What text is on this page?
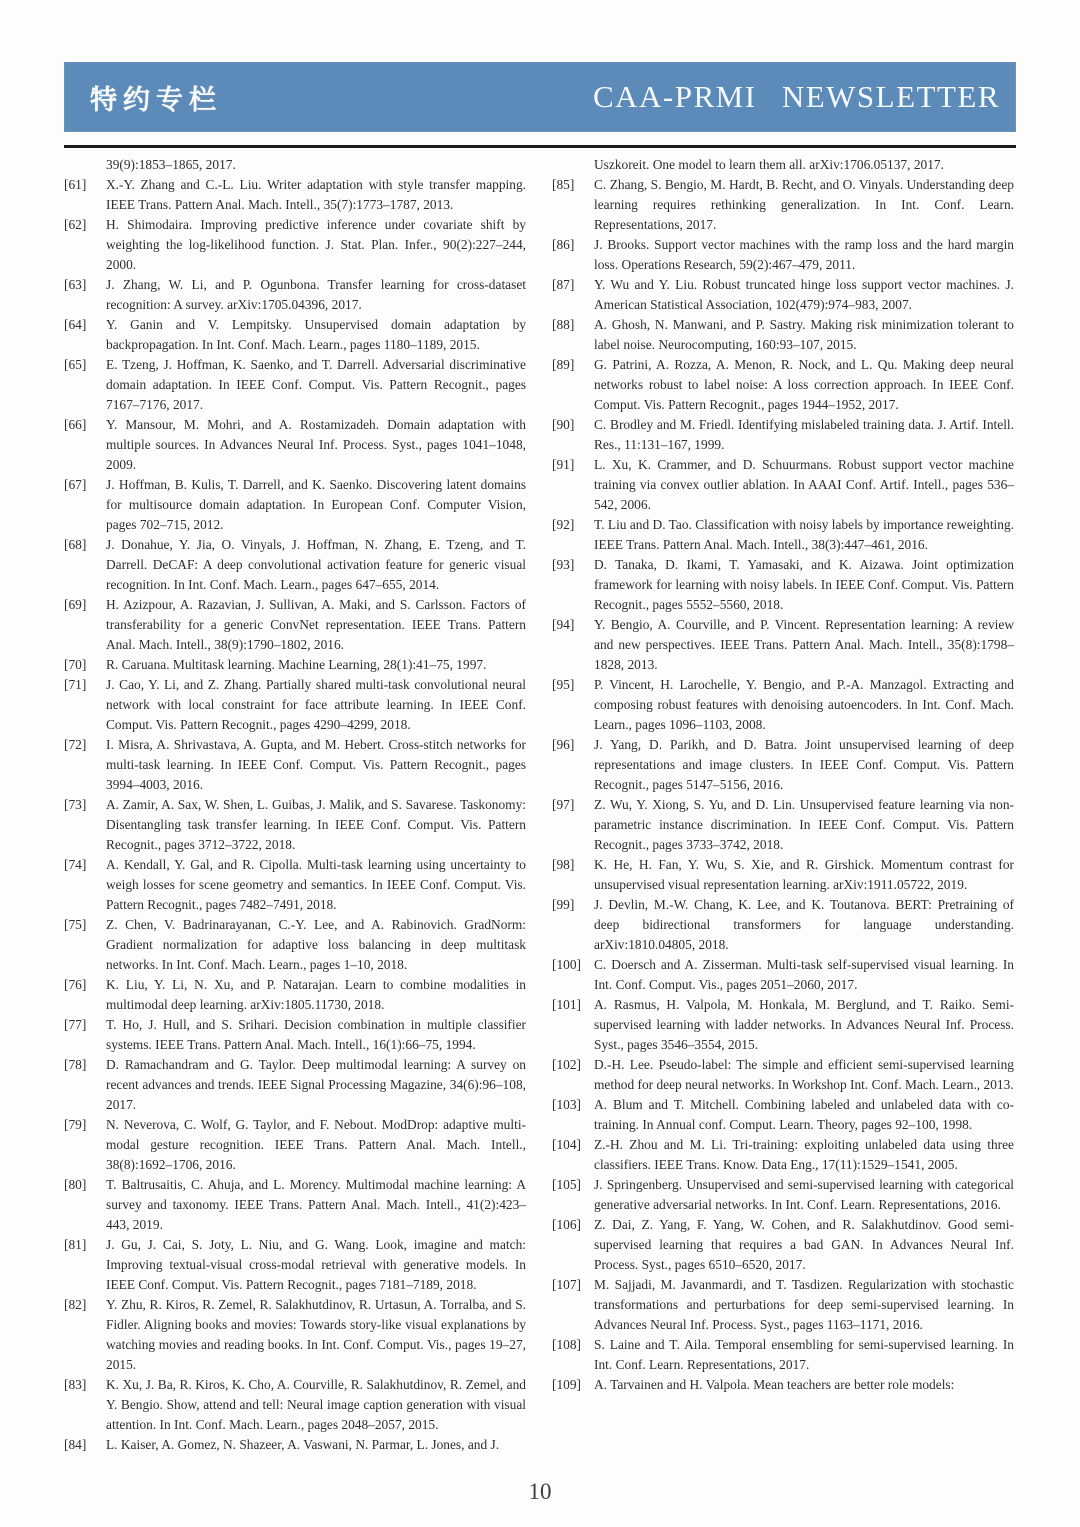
特约专栏	CAA-PRMI NEWSLETTER
39(9):1853–1865, 2017.
[61] X.-Y. Zhang and C.-L. Liu. Writer adaptation with style transfer mapping. IEEE Trans. Pattern Anal. Mach. Intell., 35(7):1773–1787, 2013.
[62] H. Shimodaira. Improving predictive inference under covariate shift by weighting the log-likelihood function. J. Stat. Plan. Infer., 90(2):227–244, 2000.
[63] J. Zhang, W. Li, and P. Ogunbona. Transfer learning for cross-dataset recognition: A survey. arXiv:1705.04396, 2017.
[64] Y. Ganin and V. Lempitsky. Unsupervised domain adaptation by backpropagation. In Int. Conf. Mach. Learn., pages 1180–1189, 2015.
[65] E. Tzeng, J. Hoffman, K. Saenko, and T. Darrell. Adversarial discriminative domain adaptation. In IEEE Conf. Comput. Vis. Pattern Recognit., pages 7167–7176, 2017.
[66] Y. Mansour, M. Mohri, and A. Rostamizadeh. Domain adaptation with multiple sources. In Advances Neural Inf. Process. Syst., pages 1041–1048, 2009.
[67] J. Hoffman, B. Kulis, T. Darrell, and K. Saenko. Discovering latent domains for multisource domain adaptation. In European Conf. Computer Vision, pages 702–715, 2012.
[68] J. Donahue, Y. Jia, O. Vinyals, J. Hoffman, N. Zhang, E. Tzeng, and T. Darrell. DeCAF: A deep convolutional activation feature for generic visual recognition. In Int. Conf. Mach. Learn., pages 647–655, 2014.
[69] H. Azizpour, A. Razavian, J. Sullivan, A. Maki, and S. Carlsson. Factors of transferability for a generic ConvNet representation. IEEE Trans. Pattern Anal. Mach. Intell., 38(9):1790–1802, 2016.
[70] R. Caruana. Multitask learning. Machine Learning, 28(1):41–75, 1997.
[71] J. Cao, Y. Li, and Z. Zhang. Partially shared multi-task convolutional neural network with local constraint for face attribute learning. In IEEE Conf. Comput. Vis. Pattern Recognit., pages 4290–4299, 2018.
[72] I. Misra, A. Shrivastava, A. Gupta, and M. Hebert. Cross-stitch networks for multi-task learning. In IEEE Conf. Comput. Vis. Pattern Recognit., pages 3994–4003, 2016.
[73] A. Zamir, A. Sax, W. Shen, L. Guibas, J. Malik, and S. Savarese. Taskonomy: Disentangling task transfer learning. In IEEE Conf. Comput. Vis. Pattern Recognit., pages 3712–3722, 2018.
[74] A. Kendall, Y. Gal, and R. Cipolla. Multi-task learning using uncertainty to weigh losses for scene geometry and semantics. In IEEE Conf. Comput. Vis. Pattern Recognit., pages 7482–7491, 2018.
[75] Z. Chen, V. Badrinarayanan, C.-Y. Lee, and A. Rabinovich. GradNorm: Gradient normalization for adaptive loss balancing in deep multitask networks. In Int. Conf. Mach. Learn., pages 1–10, 2018.
[76] K. Liu, Y. Li, N. Xu, and P. Natarajan. Learn to combine modalities in multimodal deep learning. arXiv:1805.11730, 2018.
[77] T. Ho, J. Hull, and S. Srihari. Decision combination in multiple classifier systems. IEEE Trans. Pattern Anal. Mach. Intell., 16(1):66–75, 1994.
[78] D. Ramachandram and G. Taylor. Deep multimodal learning: A survey on recent advances and trends. IEEE Signal Processing Magazine, 34(6):96–108, 2017.
[79] N. Neverova, C. Wolf, G. Taylor, and F. Nebout. ModDrop: adaptive multi-modal gesture recognition. IEEE Trans. Pattern Anal. Mach. Intell., 38(8):1692–1706, 2016.
[80] T. Baltrusaitis, C. Ahuja, and L. Morency. Multimodal machine learning: A survey and taxonomy. IEEE Trans. Pattern Anal. Mach. Intell., 41(2):423–443, 2019.
[81] J. Gu, J. Cai, S. Joty, L. Niu, and G. Wang. Look, imagine and match: Improving textual-visual cross-modal retrieval with generative models. In IEEE Conf. Comput. Vis. Pattern Recognit., pages 7181–7189, 2018.
[82] Y. Zhu, R. Kiros, R. Zemel, R. Salakhutdinov, R. Urtasun, A. Torralba, and S. Fidler. Aligning books and movies: Towards story-like visual explanations by watching movies and reading books. In Int. Conf. Comput. Vis., pages 19–27, 2015.
[83] K. Xu, J. Ba, R. Kiros, K. Cho, A. Courville, R. Salakhutdinov, R. Zemel, and Y. Bengio. Show, attend and tell: Neural image caption generation with visual attention. In Int. Conf. Mach. Learn., pages 2048–2057, 2015.
[84] L. Kaiser, A. Gomez, N. Shazeer, A. Vaswani, N. Parmar, L. Jones, and J.
Uszkoreit. One model to learn them all. arXiv:1706.05137, 2017.
[85] C. Zhang, S. Bengio, M. Hardt, B. Recht, and O. Vinyals. Understanding deep learning requires rethinking generalization. In Int. Conf. Learn. Representations, 2017.
[86] J. Brooks. Support vector machines with the ramp loss and the hard margin loss. Operations Research, 59(2):467–479, 2011.
[87] Y. Wu and Y. Liu. Robust truncated hinge loss support vector machines. J. American Statistical Association, 102(479):974–983, 2007.
[88] A. Ghosh, N. Manwani, and P. Sastry. Making risk minimization tolerant to label noise. Neurocomputing, 160:93–107, 2015.
[89] G. Patrini, A. Rozza, A. Menon, R. Nock, and L. Qu. Making deep neural networks robust to label noise: A loss correction approach. In IEEE Conf. Comput. Vis. Pattern Recognit., pages 1944–1952, 2017.
[90] C. Brodley and M. Friedl. Identifying mislabeled training data. J. Artif. Intell. Res., 11:131–167, 1999.
[91] L. Xu, K. Crammer, and D. Schuurmans. Robust support vector machine training via convex outlier ablation. In AAAI Conf. Artif. Intell., pages 536–542, 2006.
[92] T. Liu and D. Tao. Classification with noisy labels by importance reweighting. IEEE Trans. Pattern Anal. Mach. Intell., 38(3):447–461, 2016.
[93] D. Tanaka, D. Ikami, T. Yamasaki, and K. Aizawa. Joint optimization framework for learning with noisy labels. In IEEE Conf. Comput. Vis. Pattern Recognit., pages 5552–5560, 2018.
[94] Y. Bengio, A. Courville, and P. Vincent. Representation learning: A review and new perspectives. IEEE Trans. Pattern Anal. Mach. Intell., 35(8):1798–1828, 2013.
[95] P. Vincent, H. Larochelle, Y. Bengio, and P.-A. Manzagol. Extracting and composing robust features with denoising autoencoders. In Int. Conf. Mach. Learn., pages 1096–1103, 2008.
[96] J. Yang, D. Parikh, and D. Batra. Joint unsupervised learning of deep representations and image clusters. In IEEE Conf. Comput. Vis. Pattern Recognit., pages 5147–5156, 2016.
[97] Z. Wu, Y. Xiong, S. Yu, and D. Lin. Unsupervised feature learning via non-parametric instance discrimination. In IEEE Conf. Comput. Vis. Pattern Recognit., pages 3733–3742, 2018.
[98] K. He, H. Fan, Y. Wu, S. Xie, and R. Girshick. Momentum contrast for unsupervised visual representation learning. arXiv:1911.05722, 2019.
[99] J. Devlin, M.-W. Chang, K. Lee, and K. Toutanova. BERT: Pretraining of deep bidirectional transformers for language understanding. arXiv:1810.04805, 2018.
[100] C. Doersch and A. Zisserman. Multi-task self-supervised visual learning. In Int. Conf. Comput. Vis., pages 2051–2060, 2017.
[101] A. Rasmus, H. Valpola, M. Honkala, M. Berglund, and T. Raiko. Semi-supervised learning with ladder networks. In Advances Neural Inf. Process. Syst., pages 3546–3554, 2015.
[102] D.-H. Lee. Pseudo-label: The simple and efficient semi-supervised learning method for deep neural networks. In Workshop Int. Conf. Mach. Learn., 2013.
[103] A. Blum and T. Mitchell. Combining labeled and unlabeled data with co-training. In Annual conf. Comput. Learn. Theory, pages 92–100, 1998.
[104] Z.-H. Zhou and M. Li. Tri-training: exploiting unlabeled data using three classifiers. IEEE Trans. Know. Data Eng., 17(11):1529–1541, 2005.
[105] J. Springenberg. Unsupervised and semi-supervised learning with categorical generative adversarial networks. In Int. Conf. Learn. Representations, 2016.
[106] Z. Dai, Z. Yang, F. Yang, W. Cohen, and R. Salakhutdinov. Good semi-supervised learning that requires a bad GAN. In Advances Neural Inf. Process. Syst., pages 6510–6520, 2017.
[107] M. Sajjadi, M. Javanmardi, and T. Tasdizen. Regularization with stochastic transformations and perturbations for deep semi-supervised learning. In Advances Neural Inf. Process. Syst., pages 1163–1171, 2016.
[108] S. Laine and T. Aila. Temporal ensembling for semi-supervised learning. In Int. Conf. Learn. Representations, 2017.
[109] A. Tarvainen and H. Valpola. Mean teachers are better role models:
10
